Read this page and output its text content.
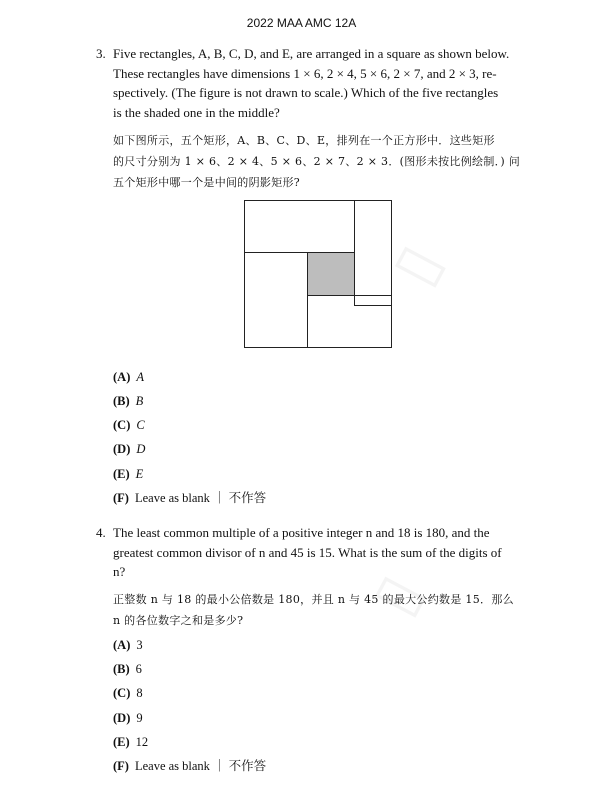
▯
▯
2022 MAA AMC 12A
3. Five rectangles, A, B, C, D, and E, are arranged in a square as shown below.
These rectangles have dimensions 1 × 6, 2 × 4, 5 × 6, 2 × 7, and 2 × 3, re-
spectively. (The figure is not drawn to scale.) Which of the five rectangles
is the shaded one in the middle?
如下图所示，五个矩形，A、B、C、D、E，排列在一个正方形中．这些矩形
的尺寸分别为 1 × 6、2 × 4、5 × 6、2 × 7、2 × 3．(图形未按比例绘制．) 问
五个矩形中哪一个是中间的阴影矩形?
(A) A
(B) B
(C) C
(D) D
(E) E
(F) Leave as blank ｜ 不作答
4. The least common multiple of a positive integer n and 18 is 180, and the
greatest common divisor of n and 45 is 15. What is the sum of the digits of
n?
正整数 n 与 18 的最小公倍数是 180，并且 n 与 45 的最大公约数是 15．那么
n 的各位数字之和是多少?
(A) 3
(B) 6
(C) 8
(D) 9
(E) 12
(F) Leave as blank ｜ 不作答
